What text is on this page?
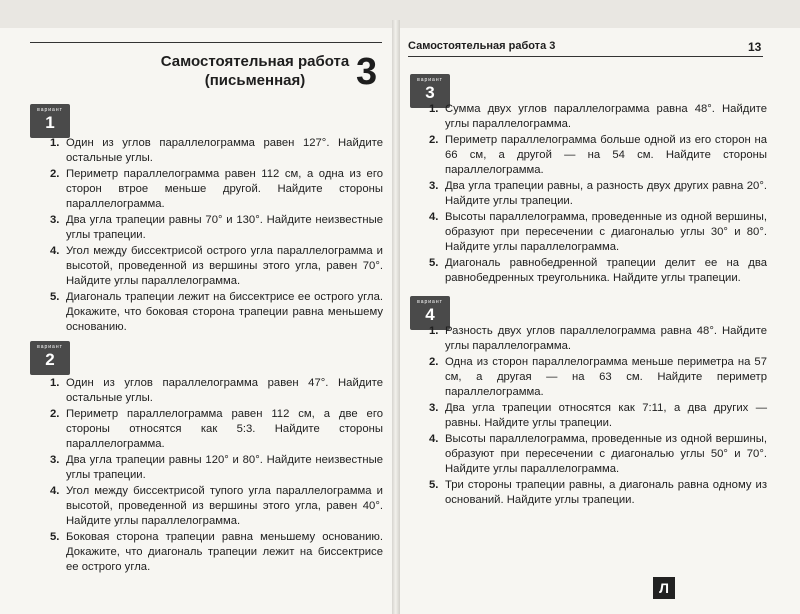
Самостоятельная работа
(письменная)	3
вариант
1
1. Один из углов параллелограмма равен 127°. Найдите остальные углы.
2. Периметр параллелограмма равен 112 см, а одна из его сторон втрое меньше другой. Найдите стороны параллелограмма.
3. Два угла трапеции равны 70° и 130°. Найдите неизвестные углы трапеции.
4. Угол между биссектрисой острого угла параллелограмма и высотой, проведенной из вершины этого угла, равен 70°. Найдите углы параллелограмма.
5. Диагональ трапеции лежит на биссектрисе ее острого угла. Докажите, что боковая сторона трапеции равна меньшему основанию.
вариант
2
1. Один из углов параллелограмма равен 47°. Найдите остальные углы.
2. Периметр параллелограмма равен 112 см, а две его стороны относятся как 5:3. Найдите стороны параллелограмма.
3. Два угла трапеции равны 120° и 80°. Найдите неизвестные углы трапеции.
4. Угол между биссектрисой тупого угла параллелограмма и высотой, проведенной из вершины этого угла, равен 40°. Найдите углы параллелограмма.
5. Боковая сторона трапеции равна меньшему основанию. Докажите, что диагональ трапеции лежит на биссектрисе ее острого угла.
Самостоятельная работа 3	13
вариант
3
1. Сумма двух углов параллелограмма равна 48°. Найдите углы параллелограмма.
2. Периметр параллелограмма больше одной из его сторон на 66 см, а другой — на 54 см. Найдите стороны параллелограмма.
3. Два угла трапеции равны, а разность двух других равна 20°. Найдите углы трапеции.
4. Высоты параллелограмма, проведенные из одной вершины, образуют при пересечении с диагональю углы 30° и 80°. Найдите углы параллелограмма.
5. Диагональ равнобедренной трапеции делит ее на два равнобедренных треугольника. Найдите углы трапеции.
вариант
4
1. Разность двух углов параллелограмма равна 48°. Найдите углы параллелограмма.
2. Одна из сторон параллелограмма меньше периметра на 57 см, а другая — на 63 см. Найдите периметр параллелограмма.
3. Два угла трапеции относятся как 7:11, а два других — равны. Найдите углы трапеции.
4. Высоты параллелограмма, проведенные из одной вершины, образуют при пересечении с диагональю углы 50° и 70°. Найдите углы параллелограмма.
5. Три стороны трапеции равны, а диагональ равна одному из оснований. Найдите углы трапеции.
Л
